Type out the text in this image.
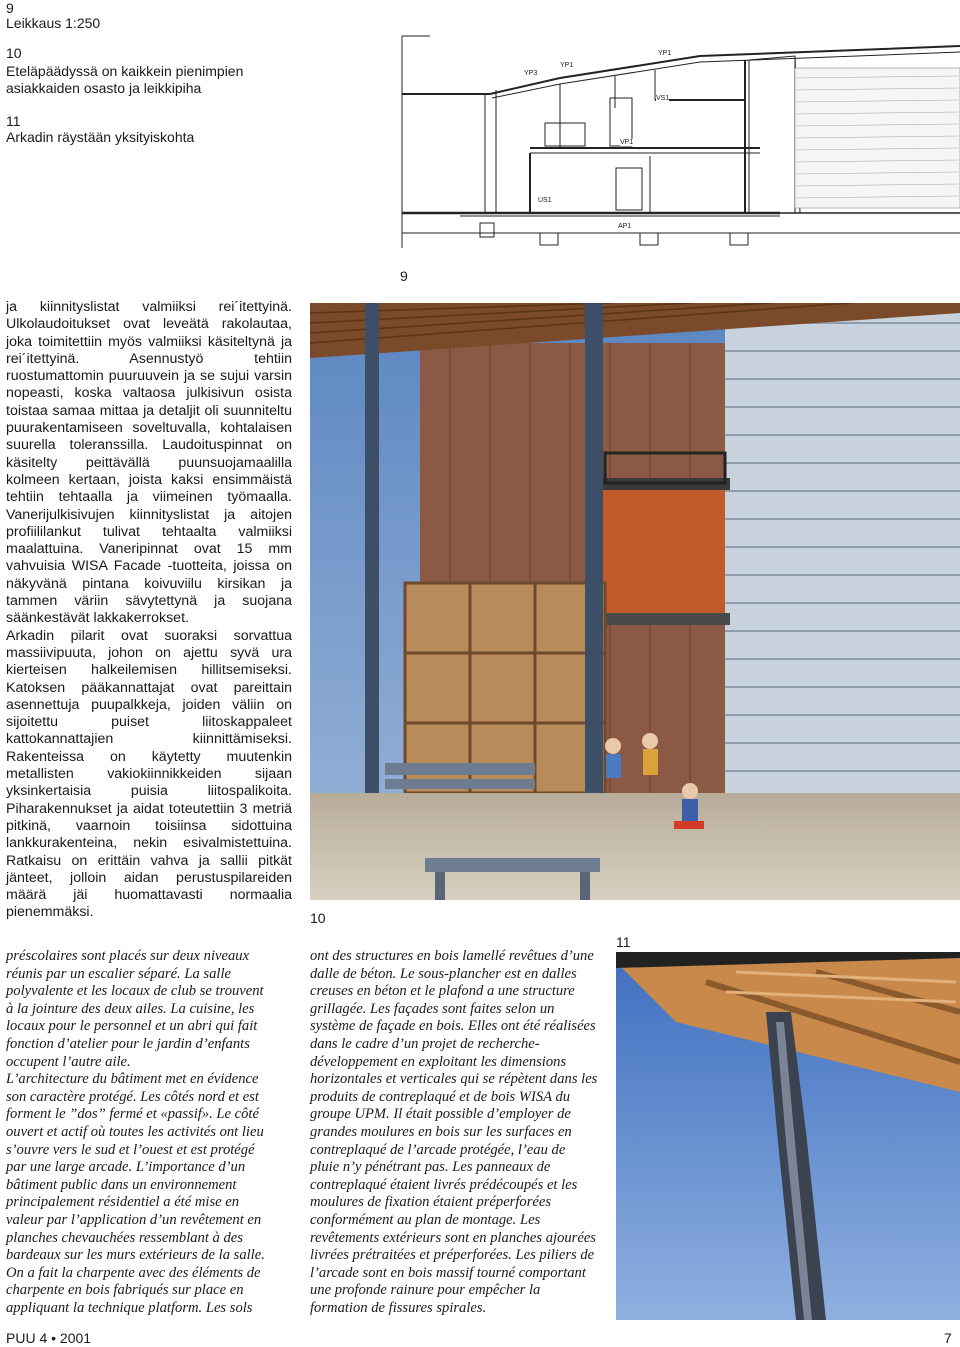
9
Leikkaus 1:250
10
Eteläpäädyssä on kaikkein pienimpien
asiakkaiden osasto ja leikkipiha
11
Arkadin räystään yksityiskohta
YP3
YP1
YP1
VS1
VP1
US1
AP1
9

ja kiinnityslistat valmiiksi rei´itettyinä. Ulkolaudoitukset ovat leveätä rakolautaa, joka toimitettiin myös valmiiksi käsiteltynä ja rei´itettyinä. Asennustyö tehtiin ruostumattomin puuruuvein ja se sujui varsin nopeasti, koska valtaosa julkisivun osista toistaa samaa mittaa ja detaljit oli suunniteltu puurakentamiseen soveltuvalla, kohtalaisen suurella toleranssilla. Laudoituspinnat on käsitelty peittävällä puunsuojamaalilla kolmeen kertaan, joista kaksi ensimmäistä tehtiin tehtaalla ja viimeinen työmaalla. Vanerijulkisivujen kiinnityslistat ja aitojen profiililankut tulivat tehtaalta valmiiksi maalattuina. Vaneripinnat ovat 15 mm vahvuisia WISA Facade -tuotteita, joissa on näkyvänä pintana koivuviilu kirsikan ja tammen väriin sävytettynä ja suojana säänkestävät lakkakerrokset.

Arkadin pilarit ovat suoraksi sorvattua massiivipuuta, johon on ajettu syvä ura kierteisen halkeilemisen hillitsemiseksi. Katoksen pääkannattajat ovat pareittain asennettuja puupalkkeja, joiden väliin on sijoitettu puiset liitoskappaleet kattokannattajien kiinnittämiseksi. Rakenteissa on käytetty muutenkin metallisten vakiokiinnikkeiden sijaan yksinkertaisia puisia liitospalikoita. Piharakennukset ja aidat toteutettiin 3 metriä pitkinä, vaarnoin toisiinsa sidottuina lankkurakenteina, nekin esivalmistettuina. Ratkaisu on erittäin vahva ja sallii pitkät jänteet, jolloin aidan perustuspilareiden määrä jäi huomattavasti normaalia pienemmäksi.	10

préscolaires sont placés sur deux niveaux réunis par un escalier séparé. La salle polyvalente et les locaux de club se trouvent à la jointure des deux ailes. La cuisine, les locaux pour le personnel et un abri qui fait fonction d’atelier pour le jardin d’enfants occupent l’autre aile.

L’architecture du bâtiment met en évidence son caractère protégé. Les côtés nord et est forment le ”dos” fermé et «passif». Le côté ouvert et actif où toutes les activités ont lieu s’ouvre vers le sud et l’ouest et est protégé par une large arcade. L’importance d’un bâtiment public dans un environnement principalement résidentiel a été mise en valeur par l’application d’un revêtement en planches chevauchées ressemblant à des bardeaux sur les murs extérieurs de la salle.

On a fait la charpente avec des éléments de charpente en bois fabriqués sur place en appliquant la technique platform. Les sols

ont des structures en bois lamellé revêtues d’une dalle de béton. Le sous-plancher est en dalles creuses en béton et le plafond a une structure grillagée. Les façades sont faites selon un système de façade en bois. Elles ont été réalisées dans le cadre d’un projet de recherche-développement en exploitant les dimensions horizontales et verticales qui se répètent dans les produits de contreplaqué et de bois WISA du groupe UPM. Il était possible d’employer de grandes moulures en bois sur les surfaces en contreplaqué de l’arcade protégée, l’eau de pluie n’y pénétrant pas. Les panneaux de contreplaqué étaient livrés prédécoupés et les moulures de fixation étaient préperforées conformément au plan de montage. Les revêtements extérieurs sont en planches ajourées livrées prétraitées et préperforées. Les piliers de l’arcade sont en bois massif tourné comportant une profonde rainure pour empêcher la formation de fissures spirales.

11
PUU 4 • 2001	7
